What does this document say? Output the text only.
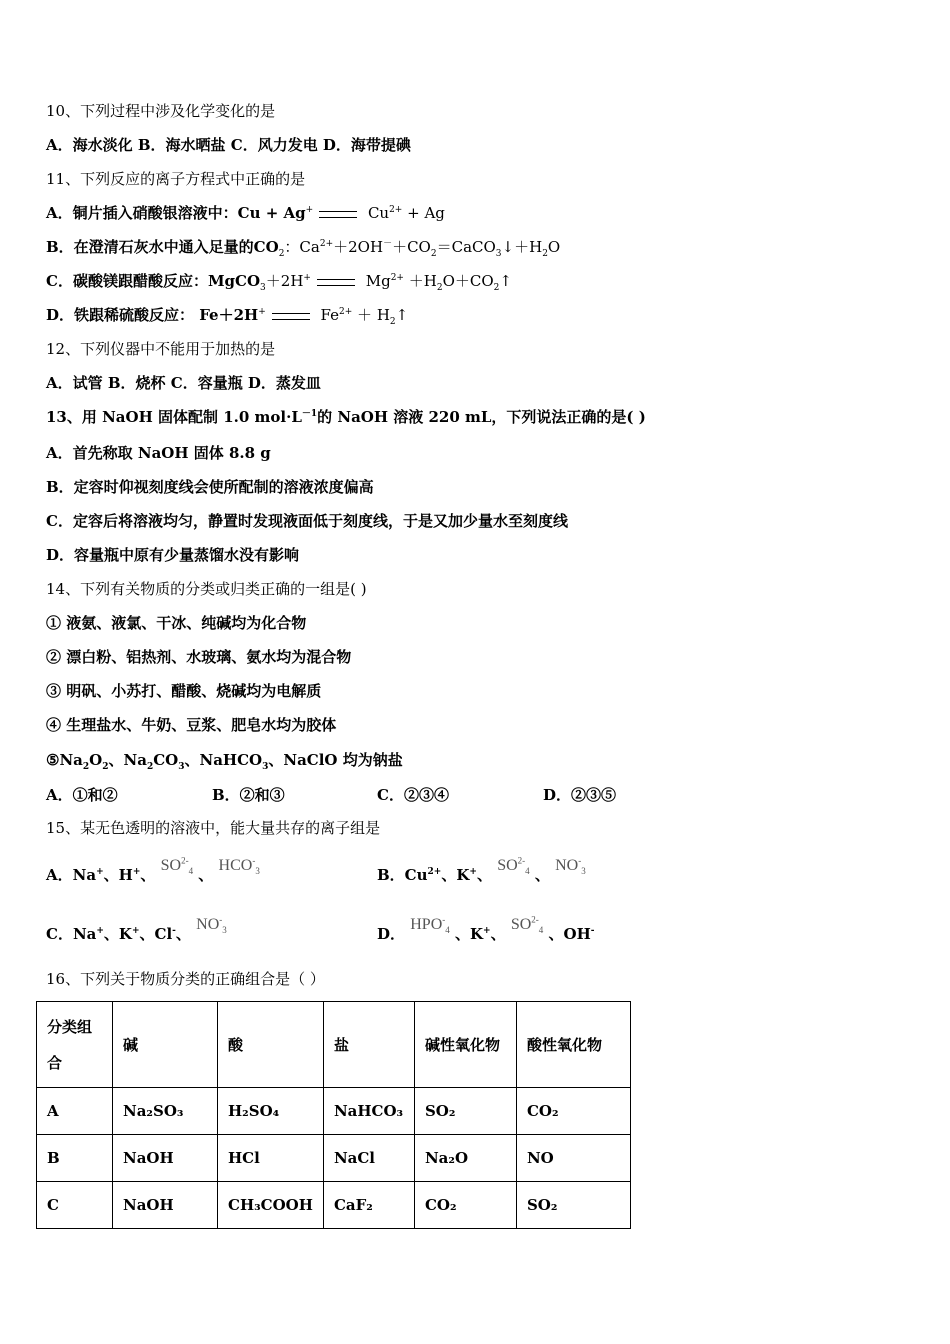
10、下列过程中涉及化学变化的是
A．海水淡化 B．海水晒盐 C．风力发电 D．海带提碘
11、下列反应的离子方程式中正确的是
A．铜片插入硝酸银溶液中：Cu + Ag+	$Cu^{2+} + Ag$
B．在澄清石灰水中通入足量的$CO_2$：$Ca^{2+}+2OH^-+CO_2=CaCO_3↓+H_2O$
C．碳酸镁跟醋酸反应：MgCO$_3$＋2H+	$Mg^{2+}$ $+H_2O+CO_2↑$
D．铁跟稀硫酸反应： Fe＋2H+	$Fe^{2+}$ ＋ $H_2↑$
12、下列仪器中不能用于加热的是
A．试管 B．烧杯 C．容量瓶 D．蒸发皿
13、用 NaOH 固体配制 1.0 $mol\cdot L^{-1}$的 NaOH 溶液 220 mL，下列说法正确的是( )
A．首先称取 NaOH 固体 8.8 g
B．定容时仰视刻度线会使所配制的溶液浓度偏高
C．定容后将溶液均匀，静置时发现液面低于刻度线，于是又加少量水至刻度线
D．容量瓶中原有少量蒸馏水没有影响
14、下列有关物质的分类或归类正确的一组是( )
① 液氨、液氯、干冰、纯碱均为化合物
② 漂白粉、铝热剂、水玻璃、氨水均为混合物
③ 明矾、小苏打、醋酸、烧碱均为电解质
④ 生理盐水、牛奶、豆浆、肥皂水均为胶体
$⑤Na_2O_2$、$Na_2CO_3$、NaHCO$_3$、NaClO 均为钠盐
A．①和②	B．②和③	C．②③④	D．②③⑤
15、某无色透明的溶液中，能大量共存的离子组是
A．Na+、H+、 $SO^{2-}_4$ 、 $HCO^-_3$	B．$Cu^{2+}$、K+、 $SO^{2-}_4$ 、 $NO^-_3$
C．Na+、K+、Cl-、 $NO^-_3$	D． $HPO^-_4$ 、K+、 $SO^{2-}_4$ 、OH-
16、下列关于物质分类的正确组合是（ ）
分类组合	碱	酸	盐	碱性氧化物	酸性氧化物
A	Na₂SO₃	H₂SO₄	NaHCO₃	SO₂	CO₂
B	NaOH	HCl	NaCl	Na₂O	NO
C	NaOH	CH₃COOH	CaF₂	CO₂	SO₂
